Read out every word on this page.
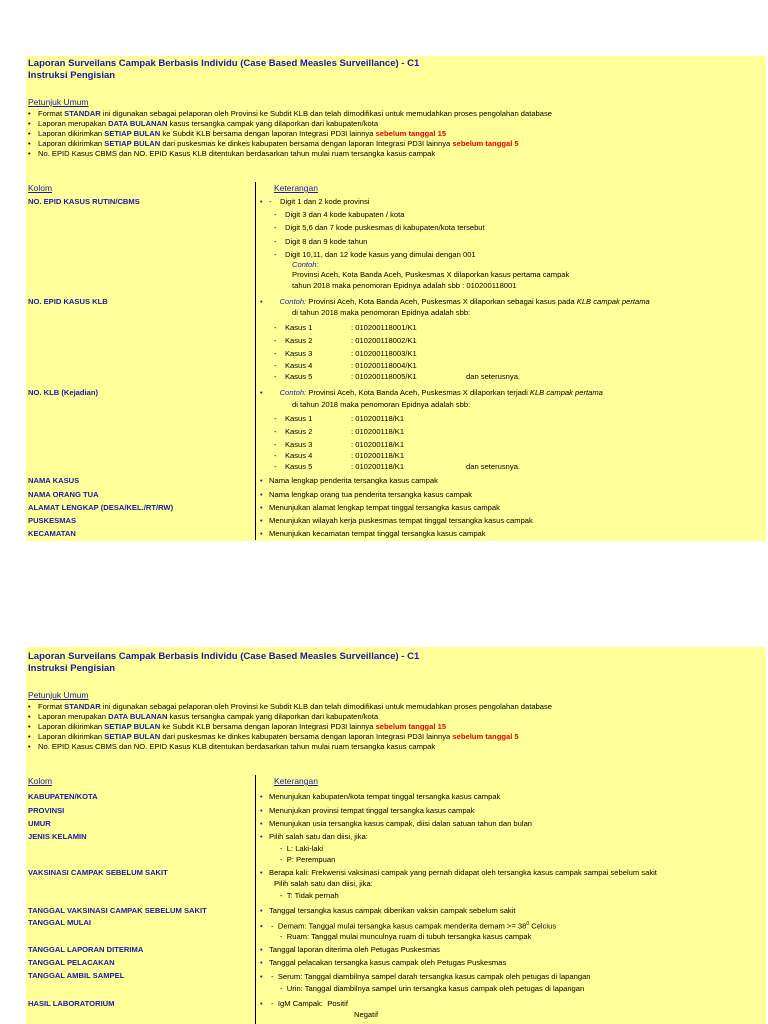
Laporan Surveilans Campak Berbasis Individu (Case Based Measles Surveillance) - C1
Instruksi Pengisian
Petunjuk Umum
• Format STANDAR ini digunakan sebagai pelaporan oleh Provinsi ke Subdit KLB dan telah dimodifikasi untuk memudahkan proses pengolahan database
• Laporan merupakan DATA BULANAN kasus tersangka campak yang dilaporkan dari kabupaten/kota
• Laporan dikirimkan SETIAP BULAN ke Subdit KLB bersama dengan laporan Integrasi PD3I lainnya sebelum tanggal 15
• Laporan dikirimkan SETIAP BULAN dari puskesmas ke dinkes kabupaten bersama dengan laporan Integrasi PD3I lainnya sebelum tanggal 5
• No. EPID Kasus CBMS dan NO. EPID Kasus KLB ditentukan berdasarkan tahun mulai ruam tersangka kasus campak
Kolom	Keterangan
NO. EPID KASUS RUTIN/CBMS	•   -    Digit 1 dan 2 kode provinsi
-    Digit 3 dan 4 kode kabupaten / kota
-    Digit 5,6 dan 7 kode puskesmas di kabupaten/kota tersebut
-    Digit 8 dan 9 kode tahun
-    Digit 10,11, dan 12 kode kasus yang dimulai dengan 001
Contoh:
Provinsi Aceh, Kota Banda Aceh, Puskesmas X dilaporkan kasus pertama campak
tahun 2018 maka penomoran Epidnya adalah sbb : 010200118001
NO. EPID KASUS KLB	• Contoh: Provinsi Aceh, Kota Banda Aceh, Puskesmas X dilaporkan sebagai kasus pada KLB campak pertama
di tahun 2018 maka penomoran Epidnya adalah sbb:
-    Kasus 1	: 010200118001/K1
-    Kasus 2	: 010200118002/K1
-    Kasus 3	: 010200118003/K1
-    Kasus 4	: 010200118004/K1
-    Kasus 5	: 010200118005/K1	dan seterusnya.
NO. KLB (Kejadian)	• Contoh: Provinsi Aceh, Kota Banda Aceh, Puskesmas X dilaporkan terjadi KLB campak pertama
di tahun 2018 maka penomoran Epidnya adalah sbb:
-    Kasus 1	: 010200118/K1
-    Kasus 2	: 010200118/K1
-    Kasus 3	: 010200118/K1
-    Kasus 4	: 010200118/K1
-    Kasus 5	: 010200118/K1	dan seterusnya.
NAMA KASUS	• Nama lengkap penderita tersangka kasus campak
NAMA ORANG TUA	• Nama lengkap orang tua penderita tersangka kasus campak
ALAMAT LENGKAP (DESA/KEL./RT/RW)	• Menunjukan alamat lengkap tempat tinggal tersangka kasus campak
PUSKESMAS	• Menunjukan wilayah kerja puskesmas tempat tinggal tersangka kasus campak
KECAMATAN	• Menunjukan kecamatan tempat tinggal tersangka kasus campak
Laporan Surveilans Campak Berbasis Individu (Case Based Measles Surveillance) - C1
Instruksi Pengisian
Petunjuk Umum
• Format STANDAR ini digunakan sebagai pelaporan oleh Provinsi ke Subdit KLB dan telah dimodifikasi untuk memudahkan proses pengolahan database
• Laporan merupakan DATA BULANAN kasus tersangka campak yang dilaporkan dari kabupaten/kota
• Laporan dikirimkan SETIAP BULAN ke Subdit KLB bersama dengan laporan Integrasi PD3I lainnya sebelum tanggal 15
• Laporan dikirimkan SETIAP BULAN dari puskesmas ke dinkes kabupaten bersama dengan laporan Integrasi PD3I lainnya sebelum tanggal 5
• No. EPID Kasus CBMS dan NO. EPID Kasus KLB ditentukan berdasarkan tahun mulai ruam tersangka kasus campak
Kolom	Keterangan
KABUPATEN/KOTA	• Menunjukan kabupaten/kota tempat tinggal tersangka kasus campak
PROVINSI	• Menunjukan provinsi tempat tinggal tersangka kasus campak
UMUR	• Menunjukan usia tersangka kasus campak, diisi dalan satuan tahun dan bulan
JENIS KELAMIN	• Pilih salah satu dan diisi, jika:
-  L: Laki-laki
-  P: Perempuan
VAKSINASI CAMPAK SEBELUM SAKIT	• Berapa kali: Frekwensi vaksinasi campak yang pernah didapat oleh tersangka kasus campak sampai sebelum sakit
Pilih salah satu dan diisi, jika:
-  T: Tidak pernah
TANGGAL VAKSINASI CAMPAK SEBELUM SAKIT	• Tanggal tersangka kasus campak diberikan vaksin campak sebelum sakit
TANGGAL MULAI	•    -  Demam: Tanggal mulai tersangka kasus campak menderita demam >= $38^0$ Celcius
-  Ruam: Tanggal mulai munculnya ruam di tubuh tersangka kasus campak
TANGGAL LAPORAN DITERIMA	• Tanggal laporan diterima oleh Petugas Puskesmas
TANGGAL PELACAKAN	• Tanggal pelacakan tersangka kasus campak oleh Petugas Puskesmas
TANGGAL AMBIL SAMPEL	•    -  Serum: Tanggal diambilnya sampel darah tersangka kasus campak oleh petugas di lapangan
-  Urin: Tanggal diambilnya sampel urin tersangka kasus campak oleh petugas di lapangan
HASIL LABORATORIUM	•    -  IgM Campak: Positif
Negatif
